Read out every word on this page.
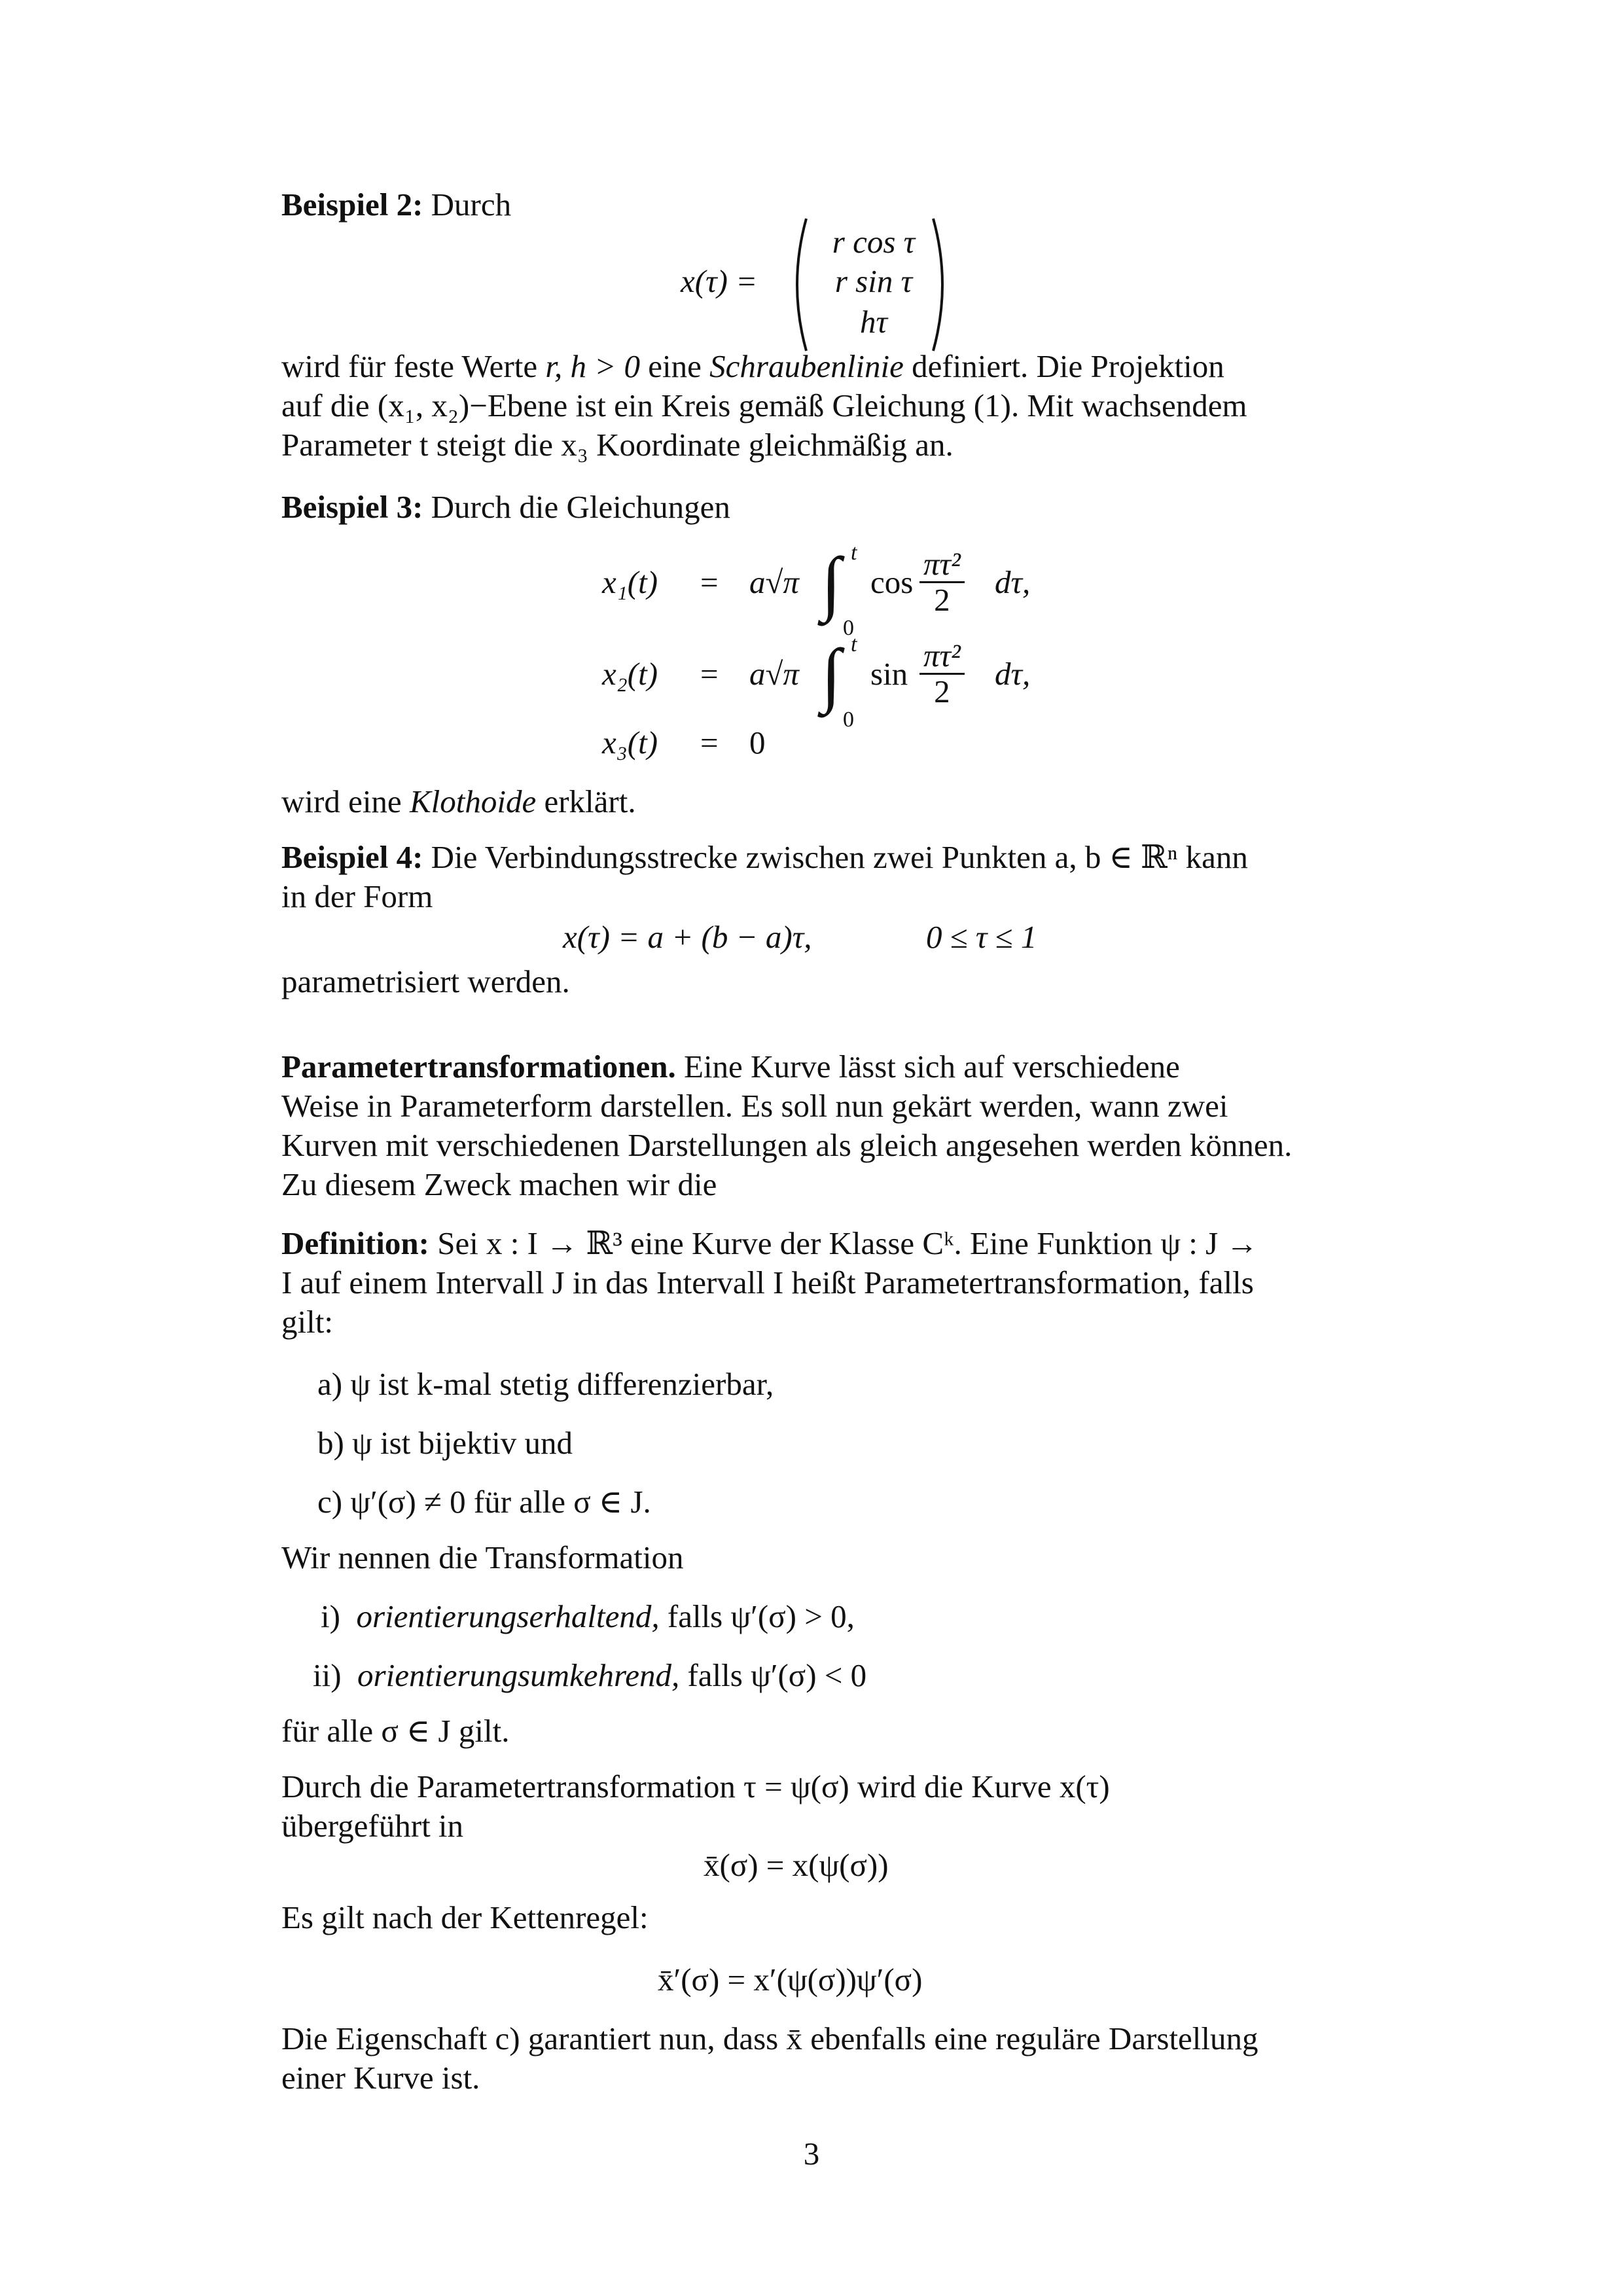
Beispiel 2: Durch
x(τ) =
r cos τ
r sin τ
hτ
wird für feste Werte r, h > 0 eine Schraubenlinie definiert. Die Projektion
auf die (x₁, x₂)−Ebene ist ein Kreis gemäß Gleichung (1). Mit wachsendem
Parameter t steigt die x₃ Koordinate gleichmäßig an.
Beispiel 3: Durch die Gleichungen
x₁(t) = a√π ∫ t
0
$\cos \frac{\text{πτ²}}{2} d\tau$,
x₂(t) = a√π ∫ t
0
$\sin \frac{\text{πτ²}}{2} d\tau$,
x₃(t) = 0
wird eine Klothoide erklärt.
Beispiel 4: Die Verbindungsstrecke zwischen zwei Punkten a, b ∈ ℝⁿ kann
in der Form
x(τ) = a + (b − a)τ,	0 ≤ τ ≤ 1
parametrisiert werden.
Parametertransformationen. Eine Kurve lässt sich auf verschiedene
Weise in Parameterform darstellen. Es soll nun gekärt werden, wann zwei
Kurven mit verschiedenen Darstellungen als gleich angesehen werden können.
Zu diesem Zweck machen wir die
Definition: Sei x : I → ℝ³ eine Kurve der Klasse Cᵏ. Eine Funktion ψ : J →
I auf einem Intervall J in das Intervall I heißt Parametertransformation, falls
gilt:
a) ψ ist k-mal stetig differenzierbar,
b) ψ ist bijektiv und
c) ψ′(σ) ≠ 0 für alle σ ∈ J.
Wir nennen die Transformation
i) orientierungserhaltend, falls ψ′(σ) > 0,
ii) orientierungsumkehrend, falls ψ′(σ) < 0
für alle σ ∈ J gilt.
Durch die Parametertransformation τ = ψ(σ) wird die Kurve x(τ)
übergeführt in
x̄(σ) = x(ψ(σ))
Es gilt nach der Kettenregel:
x̄′(σ) = x′(ψ(σ))ψ′(σ)
Die Eigenschaft c) garantiert nun, dass x̄ ebenfalls eine reguläre Darstellung
einer Kurve ist.
3
